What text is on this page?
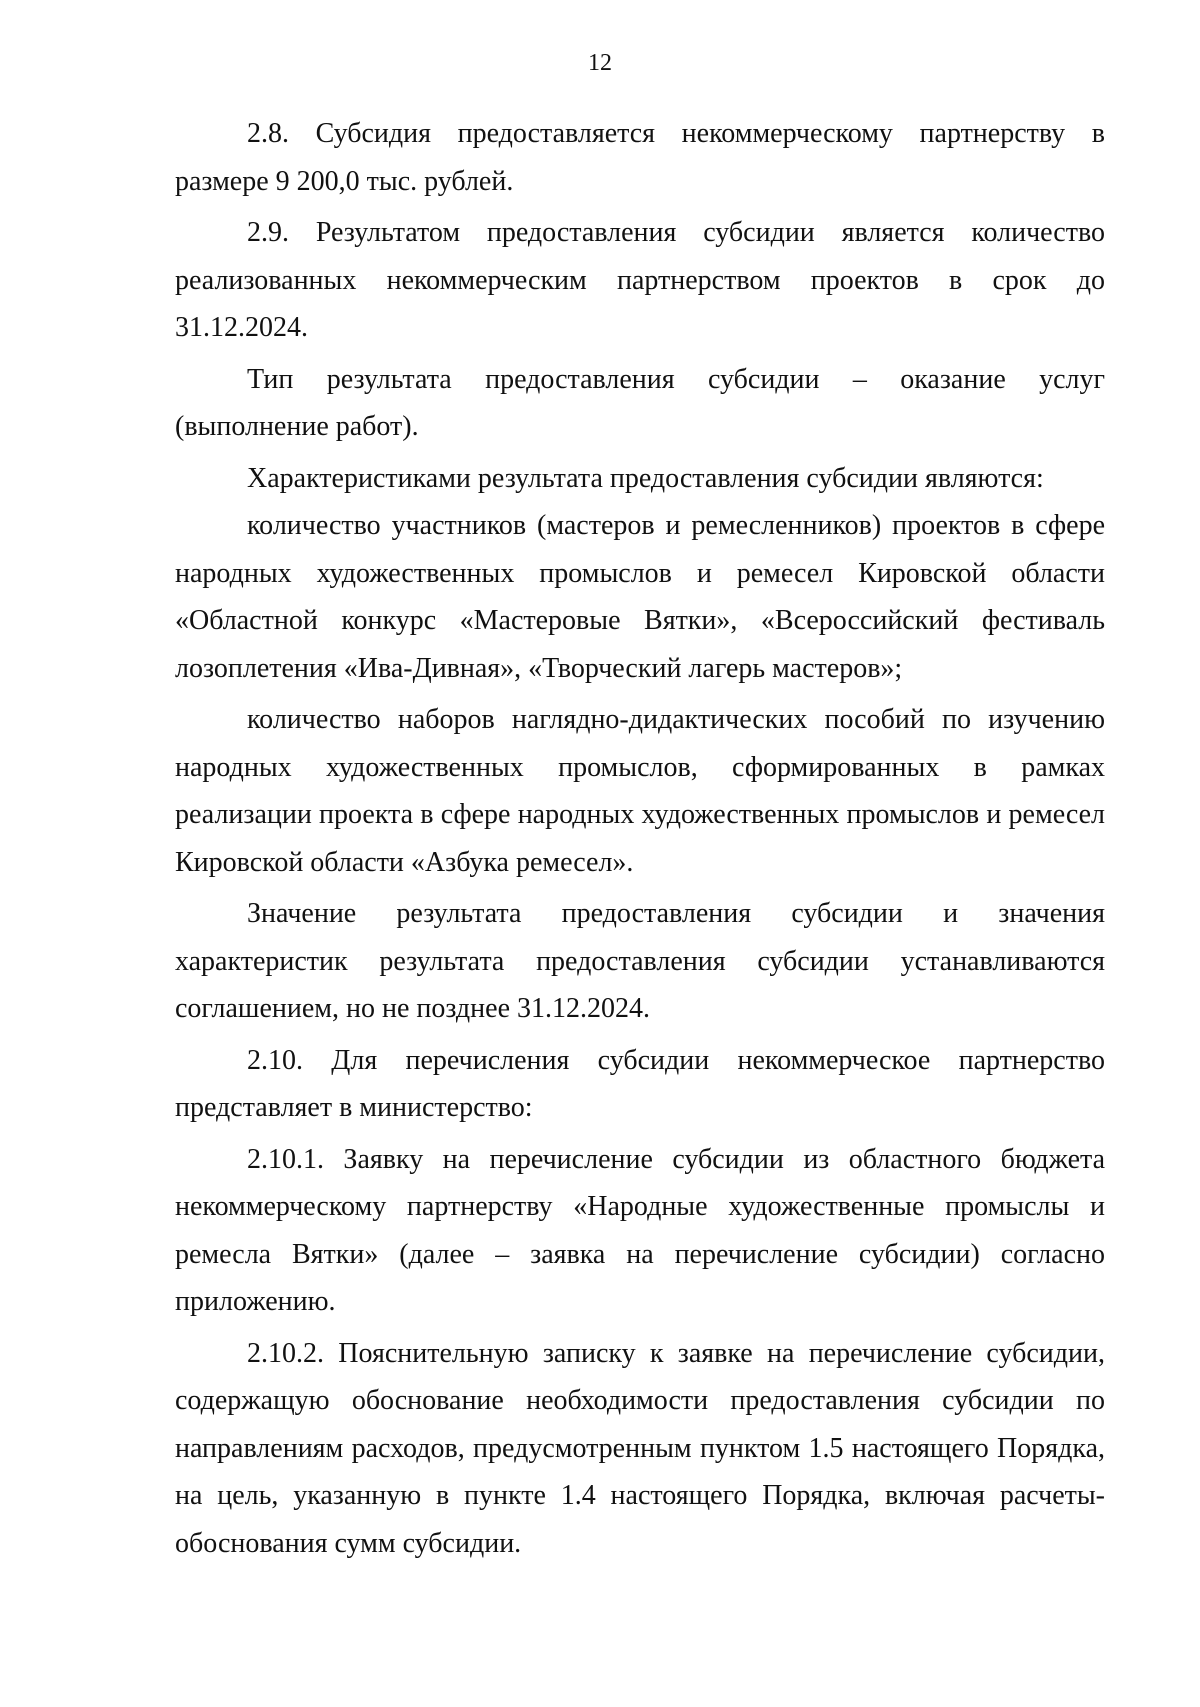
12

2.8. Субсидия предоставляется некоммерческому партнерству в размере 9 200,0 тыс. рублей.

2.9. Результатом предоставления субсидии является количество реализованных некоммерческим партнерством проектов в срок до 31.12.2024.

Тип результата предоставления субсидии – оказание услуг (выполнение работ).

Характеристиками результата предоставления субсидии являются:

количество участников (мастеров и ремесленников) проектов в сфере народных художественных промыслов и ремесел Кировской области «Областной конкурс «Мастеровые Вятки», «Всероссийский фестиваль лозоплетения «Ива-Дивная», «Творческий лагерь мастеров»;

количество наборов наглядно-дидактических пособий по изучению народных художественных промыслов, сформированных в рамках реализации проекта в сфере народных художественных промыслов и ремесел Кировской области «Азбука ремесел».

Значение результата предоставления субсидии и значения характеристик результата предоставления субсидии устанавливаются соглашением, но не позднее 31.12.2024.

2.10. Для перечисления субсидии некоммерческое партнерство представляет в министерство:

2.10.1. Заявку на перечисление субсидии из областного бюджета некоммерческому партнерству «Народные художественные промыслы и ремесла Вятки» (далее – заявка на перечисление субсидии) согласно приложению.

2.10.2. Пояснительную записку к заявке на перечисление субсидии, содержащую обоснование необходимости предоставления субсидии по направлениям расходов, предусмотренным пунктом 1.5 настоящего Порядка, на цель, указанную в пункте 1.4 настоящего Порядка, включая расчеты-обоснования сумм субсидии.
